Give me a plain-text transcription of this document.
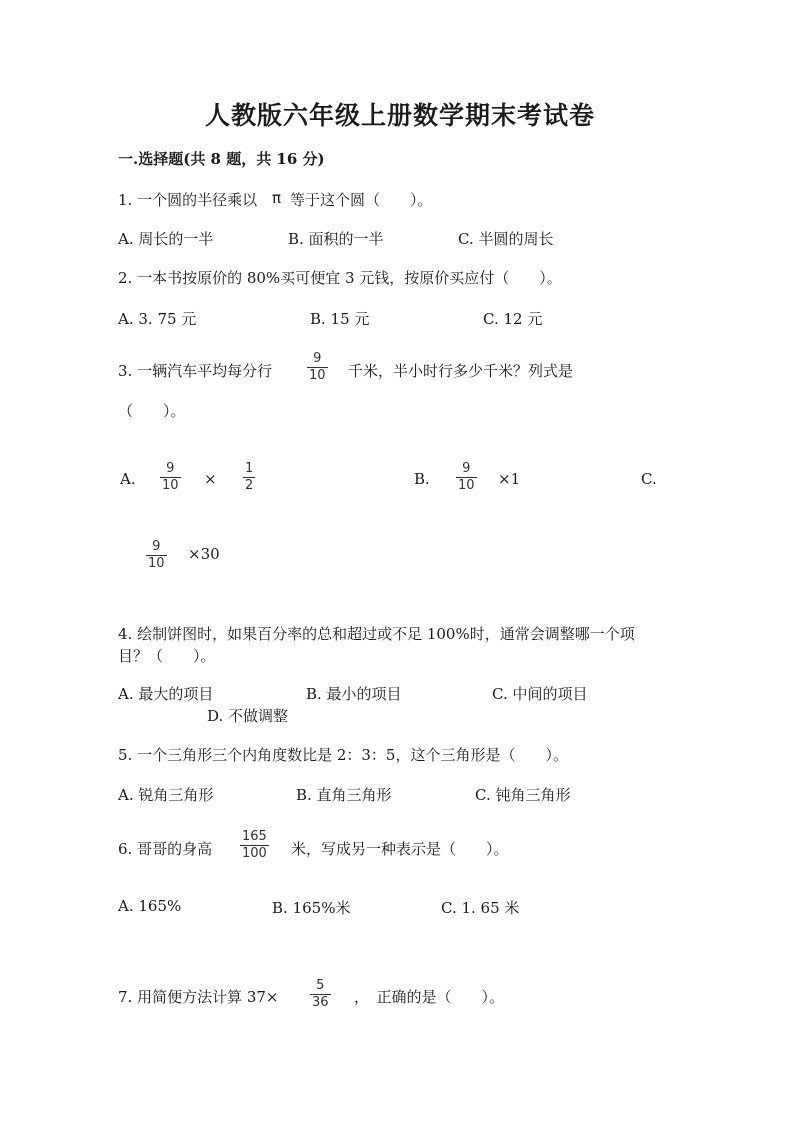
人教版六年级上册数学期末考试卷
一.选择题(共 8 题，共 16 分)
1. 一个圆的半径乘以 π 等于这个圆（　　）。
A. 周长的一半	B. 面积的一半	C. 半圆的周长
2. 一本书按原价的 80%买可便宜 3 元钱，按原价买应付（　　）。
A. 3. 75 元	B. 15 元	C. 12 元
3. 一辆汽车平均每分行	$\frac{9}{10}$ 千米，半小时行多少千米？列式是
（　　）。
A. $\frac{9}{10} \times \frac{1}{2}$	B. $\frac{9}{10} \times 1$	C.
$\frac{9}{10} \times 30$
4. 绘制饼图时，如果百分率的总和超过或不足 100%时，通常会调整哪一个项
目？（　　）。
A. 最大的项目	B. 最小的项目	C. 中间的项目
D. 不做调整
5. 一个三角形三个内角度数比是 2：3：5，这个三角形是（　　）。
A. 锐角三角形	B. 直角三角形	C. 钝角三角形
6. 哥哥的身高 $\frac{165}{100}$ 米，写成另一种表示是（　　）。
A. 165%	B. 165%米	C. 1. 65 米
7. 用简便方法计算 $37\times \frac{5}{36}$ ，　正确的是（　　）。
